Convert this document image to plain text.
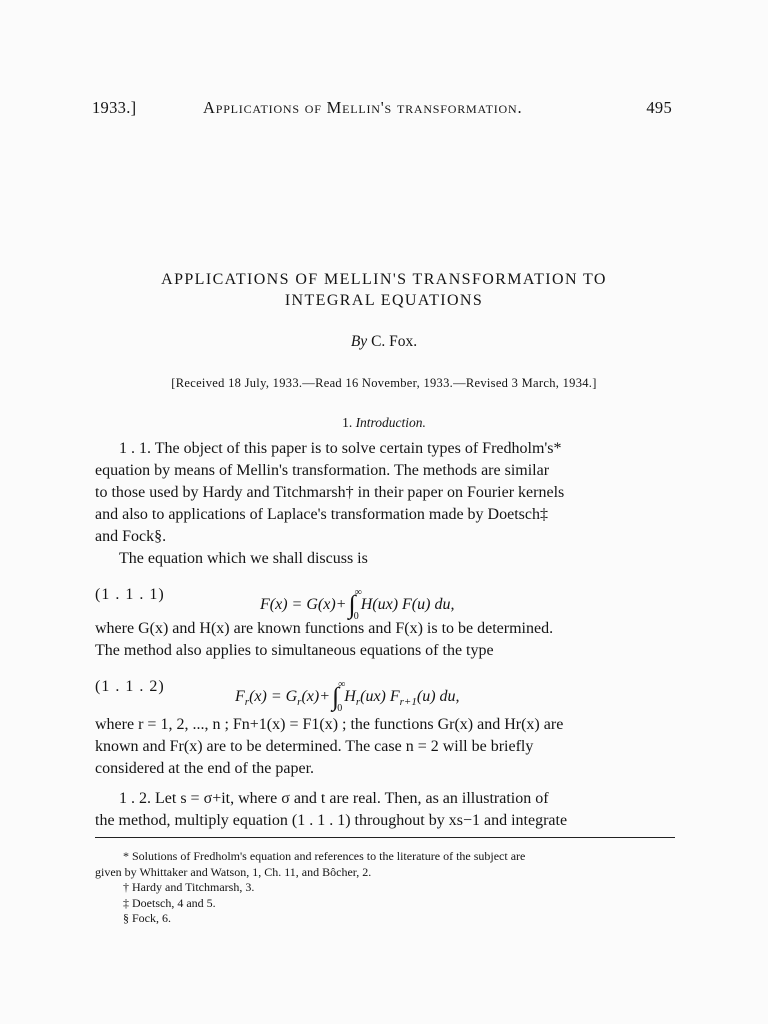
1933.]	Applications of Mellin's transformation.	495
APPLICATIONS OF MELLIN'S TRANSFORMATION TO
INTEGRAL EQUATIONS
By C. Fox.
[Received 18 July, 1933.—Read 16 November, 1933.—Revised 3 March, 1934.]
1. Introduction.
1 . 1. The object of this paper is to solve certain types of Fredholm's*
equation by means of Mellin's transformation. The methods are similar
to those used by Hardy and Titchmarsh† in their paper on Fourier kernels
and also to applications of Laplace's transformation made by Doetsch‡
and Fock§.
The equation which we shall discuss is
(1 . 1 . 1)
$F(x) = G(x)+\int^\infty_0H(ux)$ F(u) du,
where G(x) and H(x) are known functions and F(x) is to be determined.
The method also applies to simultaneous equations of the type
(1 . 1 . 2)
$F_r(x) = G_r(x)+\int^\infty_0H_r(ux)$ $F_{r+1}(u)$ du,
where r = 1, 2, ..., n ; Fn+1(x) = F1(x) ; the functions Gr(x) and Hr(x) are
known and Fr(x) are to be determined. The case n = 2 will be briefly
considered at the end of the paper.
1 . 2. Let s = σ+it, where σ and t are real. Then, as an illustration of
the method, multiply equation (1 . 1 . 1) throughout by xs−1 and integrate
* Solutions of Fredholm's equation and references to the literature of the subject are
given by Whittaker and Watson, 1, Ch. 11, and Bôcher, 2.
† Hardy and Titchmarsh, 3.
‡ Doetsch, 4 and 5.
§ Fock, 6.
